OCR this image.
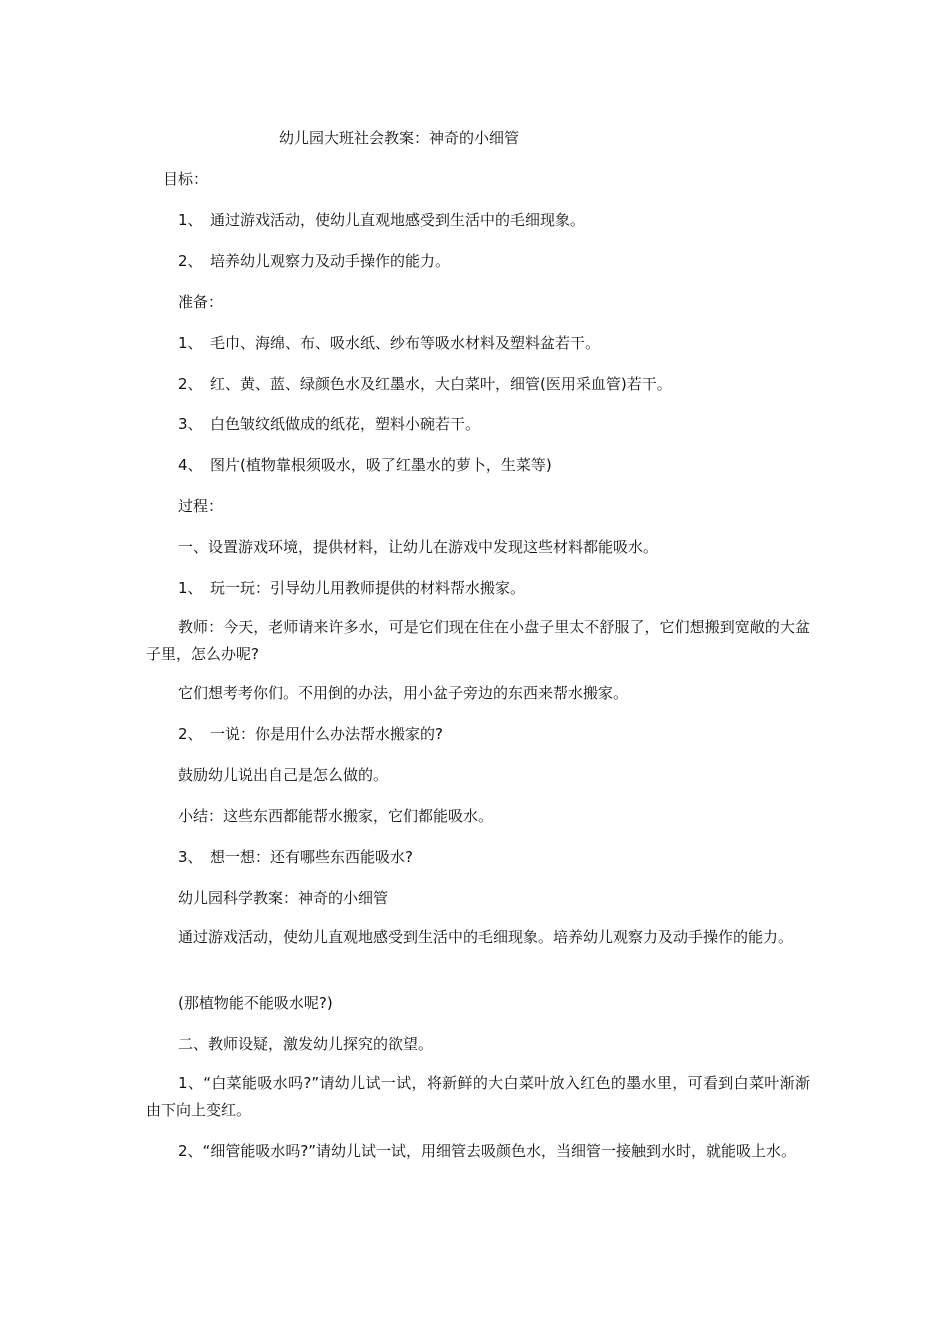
幼儿园大班社会教案：神奇的小细管
目标：
1、 通过游戏活动，使幼儿直观地感受到生活中的毛细现象。
2、 培养幼儿观察力及动手操作的能力。
准备：
1、 毛巾、海绵、布、吸水纸、纱布等吸水材料及塑料盆若干。
2、 红、黄、蓝、绿颜色水及红墨水，大白菜叶，细管(医用采血管)若干。
3、 白色皱纹纸做成的纸花，塑料小碗若干。
4、 图片(植物靠根须吸水，吸了红墨水的萝卜，生菜等)
过程：
一、设置游戏环境，提供材料，让幼儿在游戏中发现这些材料都能吸水。
1、 玩一玩：引导幼儿用教师提供的材料帮水搬家。
教师：今天，老师请来许多水，可是它们现在住在小盘子里太不舒服了，它们想搬到宽敞的大盆子里，怎么办呢?
它们想考考你们。不用倒的办法，用小盆子旁边的东西来帮水搬家。
2、 一说：你是用什么办法帮水搬家的?
鼓励幼儿说出自己是怎么做的。
小结：这些东西都能帮水搬家，它们都能吸水。
3、 想一想：还有哪些东西能吸水?
幼儿园科学教案：神奇的小细管
通过游戏活动，使幼儿直观地感受到生活中的毛细现象。培养幼儿观察力及动手操作的能力。
(那植物能不能吸水呢?)
二、教师设疑，激发幼儿探究的欲望。
1、“白菜能吸水吗?”请幼儿试一试，将新鲜的大白菜叶放入红色的墨水里，可看到白菜叶渐渐由下向上变红。
2、“细管能吸水吗?”请幼儿试一试，用细管去吸颜色水，当细管一接触到水时，就能吸上水。
